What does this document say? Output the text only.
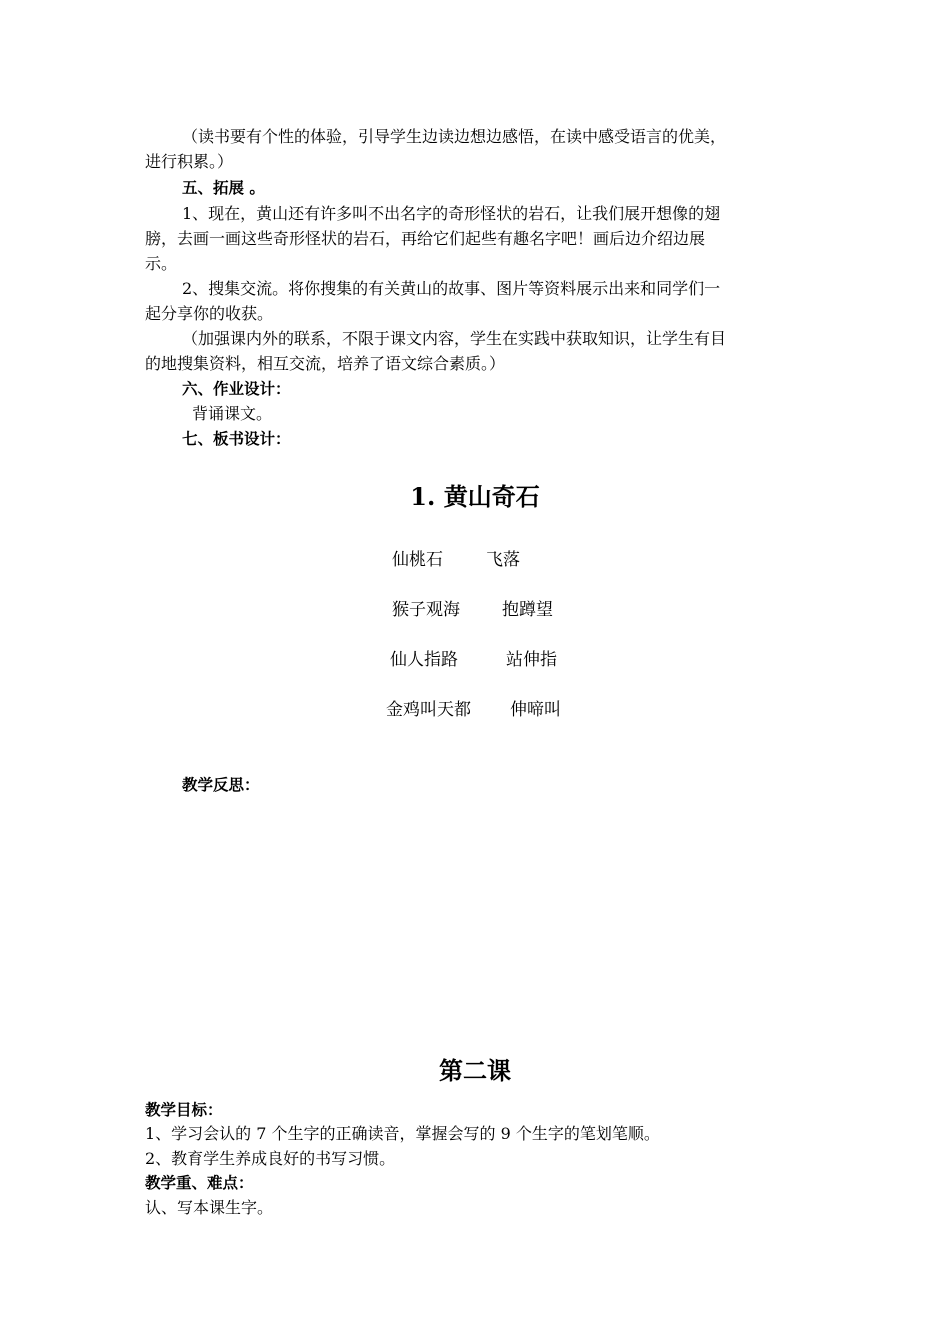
（读书要有个性的体验，引导学生边读边想边感悟，在读中感受语言的优美，
进行积累。）
五、拓展 。
1、现在，黄山还有许多叫不出名字的奇形怪状的岩石，让我们展开想像的翅
膀，去画一画这些奇形怪状的岩石，再给它们起些有趣名字吧！画后边介绍边展
示。
2、搜集交流。将你搜集的有关黄山的故事、图片等资料展示出来和同学们一
起分享你的收获。
（加强课内外的联系，不限于课文内容，学生在实践中获取知识，让学生有目
的地搜集资料，相互交流，培养了语文综合素质。）
六、作业设计：
背诵课文。
七、板书设计：
1. 黄山奇石
仙桃石	飞落
猴子观海 抱蹲望
仙人指路	站伸指
金鸡叫天都 伸啼叫
教学反思：
第二课
教学目标：
1、学习会认的 7 个生字的正确读音，掌握会写的 9 个生字的笔划笔顺。
2、教育学生养成良好的书写习惯。
教学重、难点：
认、写本课生字。
